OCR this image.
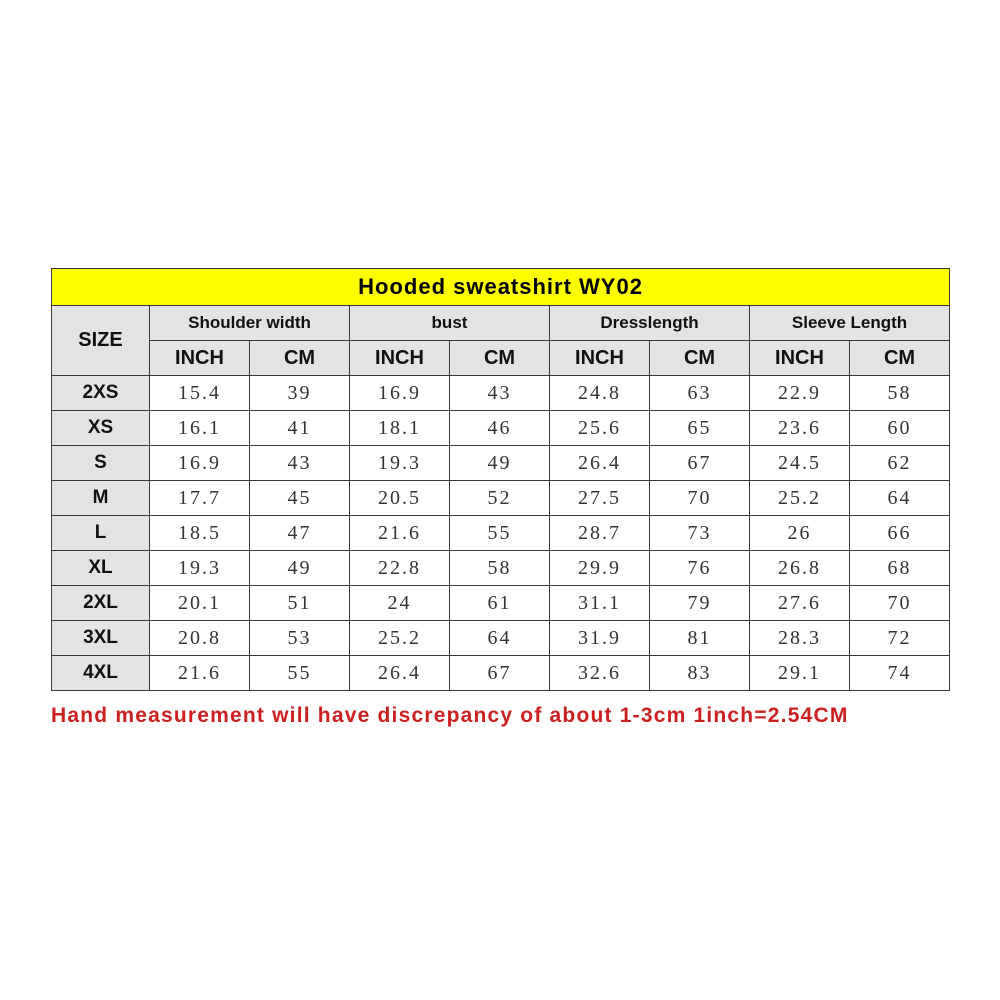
Hooded sweatshirt WY02								
SIZE	Shoulder width		bust		Dresslength		Sleeve Length	
	INCH	CM	INCH	CM	INCH	CM	INCH	CM
2XS	15.4	39	16.9	43	24.8	63	22.9	58
XS	16.1	41	18.1	46	25.6	65	23.6	60
S	16.9	43	19.3	49	26.4	67	24.5	62
M	17.7	45	20.5	52	27.5	70	25.2	64
L	18.5	47	21.6	55	28.7	73	26	66
XL	19.3	49	22.8	58	29.9	76	26.8	68
2XL	20.1	51	24	61	31.1	79	27.6	70
3XL	20.8	53	25.2	64	31.9	81	28.3	72
4XL	21.6	55	26.4	67	32.6	83	29.1	74
Hand measurement will have discrepancy of about 1-3cm 1inch=2.54CM
